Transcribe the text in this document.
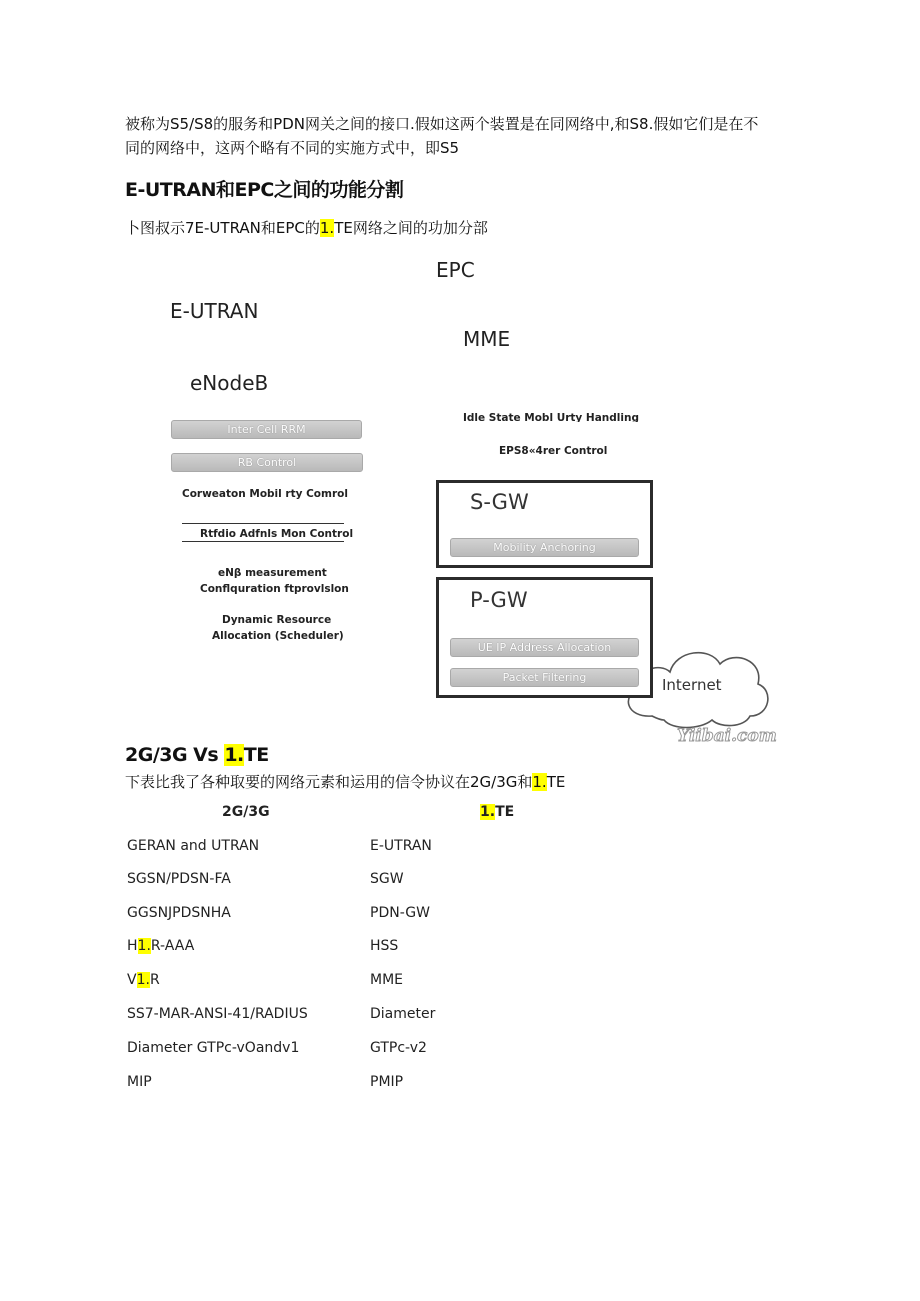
被称为S5/S8的服务和PDN网关之间的接口.假如这两个装置是在同网络中,和S8.假如它们是在不
同的网络中，这两个略有不同的实施方式中，即S5
E-UTRAN和EPC之间的功能分割
卜图叔示7E-UTRAN和EPC的1.TE网络之间的功加分部
EPC
E-UTRAN
MME
eNodeB
Inter Cell RRM
RB Control
Corweaton Mobil rty Comrol
Rtfdio Adfnls Mon Control
eNβ measurement
Conflquration ftprovlslon
Dynamic Resource
Allocation (Scheduler)
Idle State Mobl Urty Handling
EPS8«4rer Control
S-GW
Mobility Anchoring
P-GW
UE IP Address Allocation
Packet Filtering	Internet
Yiibai.com
2G/3G Vs 1.TE
下表比我了各种取要的网络元素和运用的信令协议在2G/3G和1.TE
2G/3G	1.TE
GERAN and UTRAN	E-UTRAN
SGSN/PDSN-FA	SGW
GGSNJPDSNHA	PDN-GW
H1.R-AAA	HSS
V1.R	MME
SS7-MAR-ANSI-41/RADIUS	Diameter
Diameter GTPc-vOandv1	GTPc-v2
MIP	PMIP
